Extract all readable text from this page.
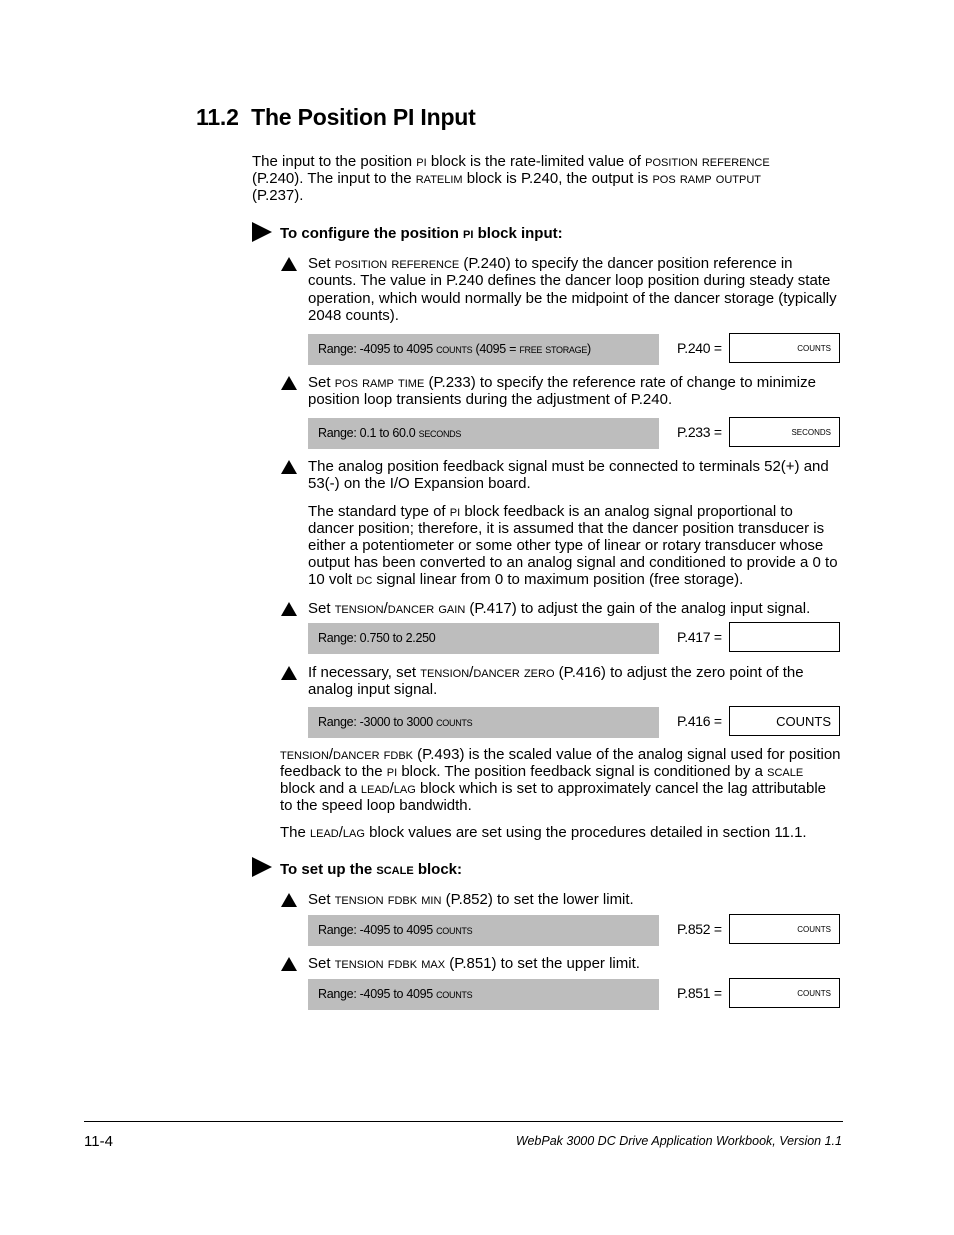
11.2 The Position PI Input
The input to the position pi block is the rate-limited value of position reference
(P.240). The input to the ratelim block is P.240, the output is pos ramp output
(P.237).
To configure the position pi block input:
Set position reference (P.240) to specify the dancer position reference in counts. The value in P.240 defines the dancer loop position during steady state operation, which would normally be the midpoint of the dancer storage (typically 2048 counts).
Range: -4095 to 4095 counts (4095 = free storage)	P.240 =	counts
Set pos ramp time (P.233) to specify the reference rate of change to minimize position loop transients during the adjustment of P.240.
Range: 0.1 to 60.0 seconds	P.233 =	seconds
The analog position feedback signal must be connected to terminals 52(+) and 53(-) on the I/O Expansion board.
The standard type of pi block feedback is an analog signal proportional to dancer position; therefore, it is assumed that the dancer position transducer is either a potentiometer or some other type of linear or rotary transducer whose output has been converted to an analog signal and conditioned to provide a 0 to 10 volt dc signal linear from 0 to maximum position (free storage).
Set tension/dancer gain (P.417) to adjust the gain of the analog input signal.
Range: 0.750 to 2.250	P.417 =
If necessary, set tension/dancer zero (P.416) to adjust the zero point of the analog input signal.
Range: -3000 to 3000 counts	P.416 =	COUNTS
tension/dancer fdbk (P.493) is the scaled value of the analog signal used for position feedback to the pi block. The position feedback signal is conditioned by a scale block and a lead/lag block which is set to approximately cancel the lag attributable to the speed loop bandwidth.
The lead/lag block values are set using the procedures detailed in section 11.1.
To set up the scale block:
Set tension fdbk min (P.852) to set the lower limit.
Range: -4095 to 4095 counts	P.852 =	counts
Set tension fdbk max (P.851) to set the upper limit.
Range: -4095 to 4095 counts	P.851 =	counts
11-4	WebPak 3000 DC Drive Application Workbook, Version 1.1
